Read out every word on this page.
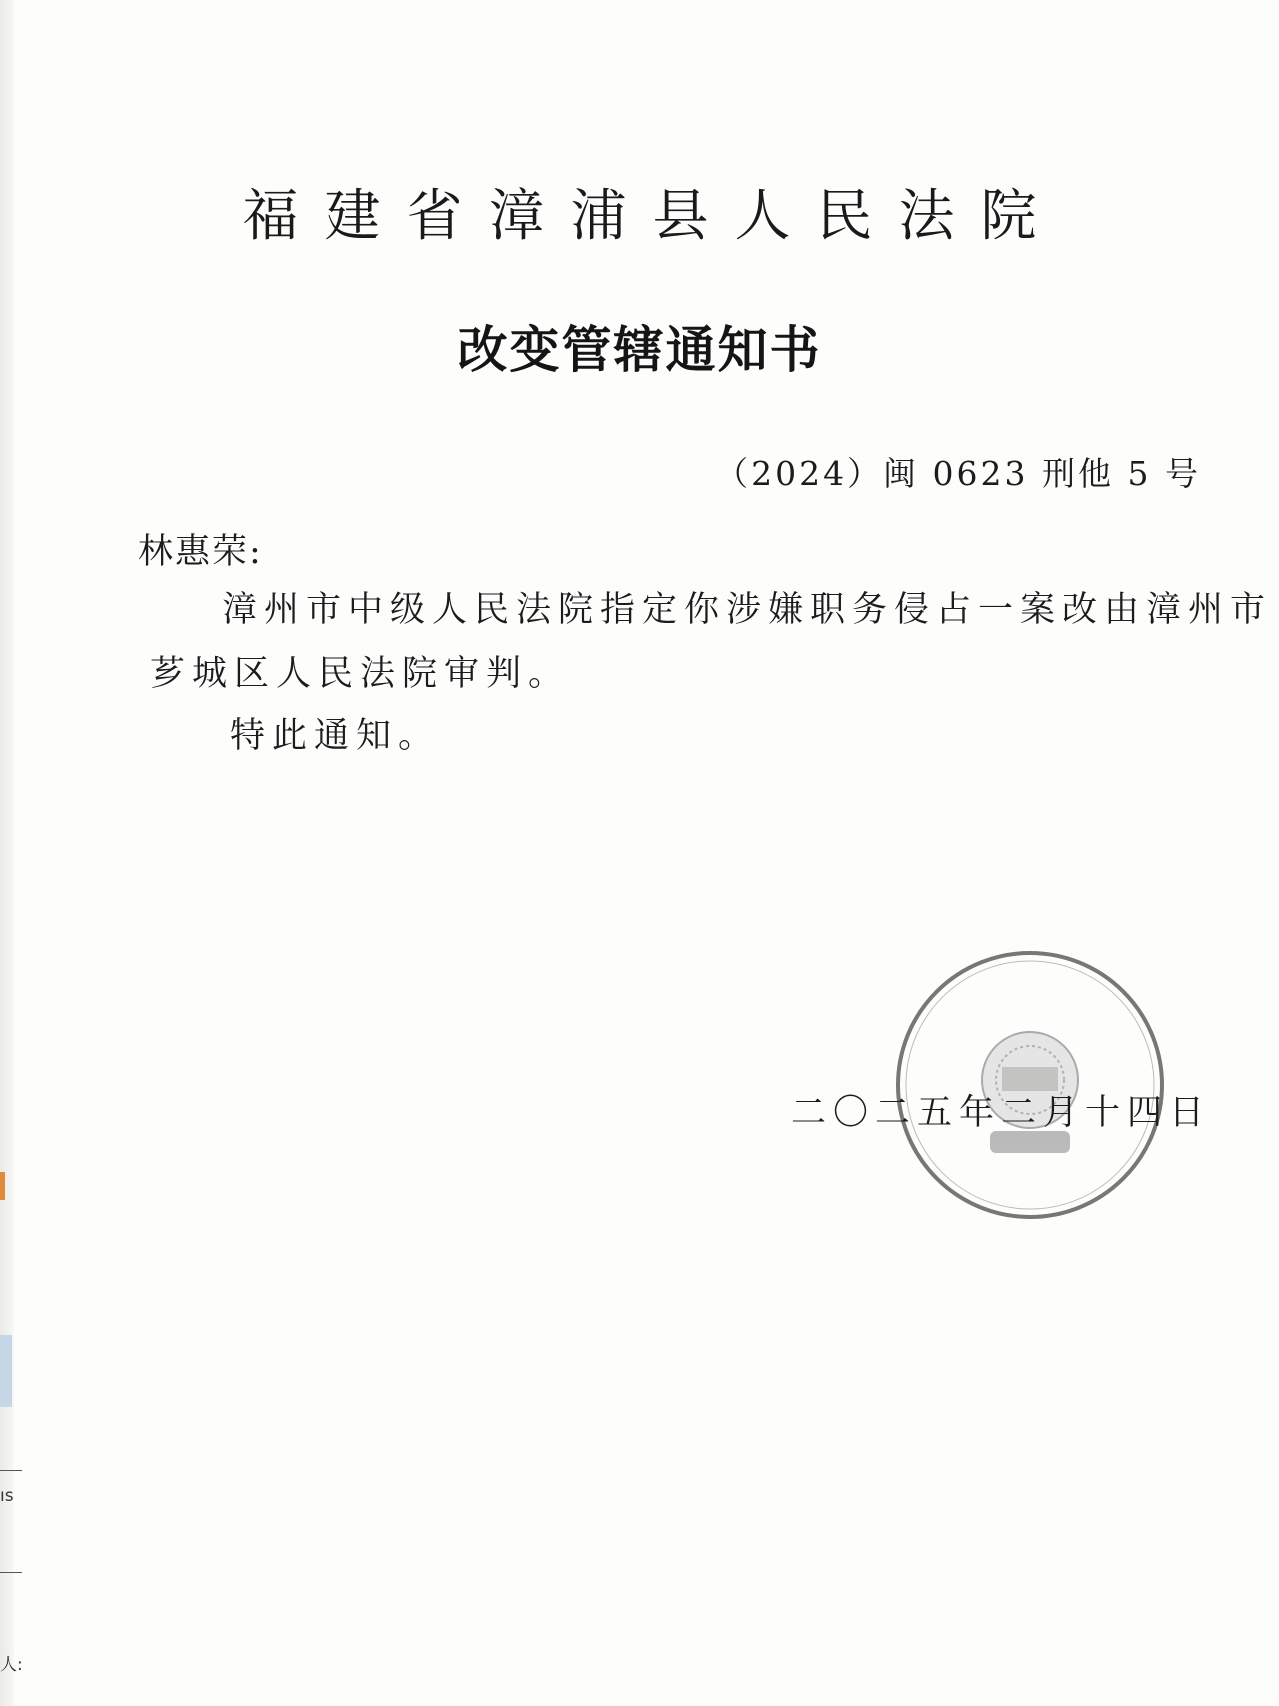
ıs
人:
福建省漳浦县人民法院
改变管辖通知书
（2024）闽 0623 刑他 5 号
林惠荣:
漳州市中级人民法院指定你涉嫌职务侵占一案改由漳州市
芗城区人民法院审判。
特此通知。
二〇二五年二月十四日
